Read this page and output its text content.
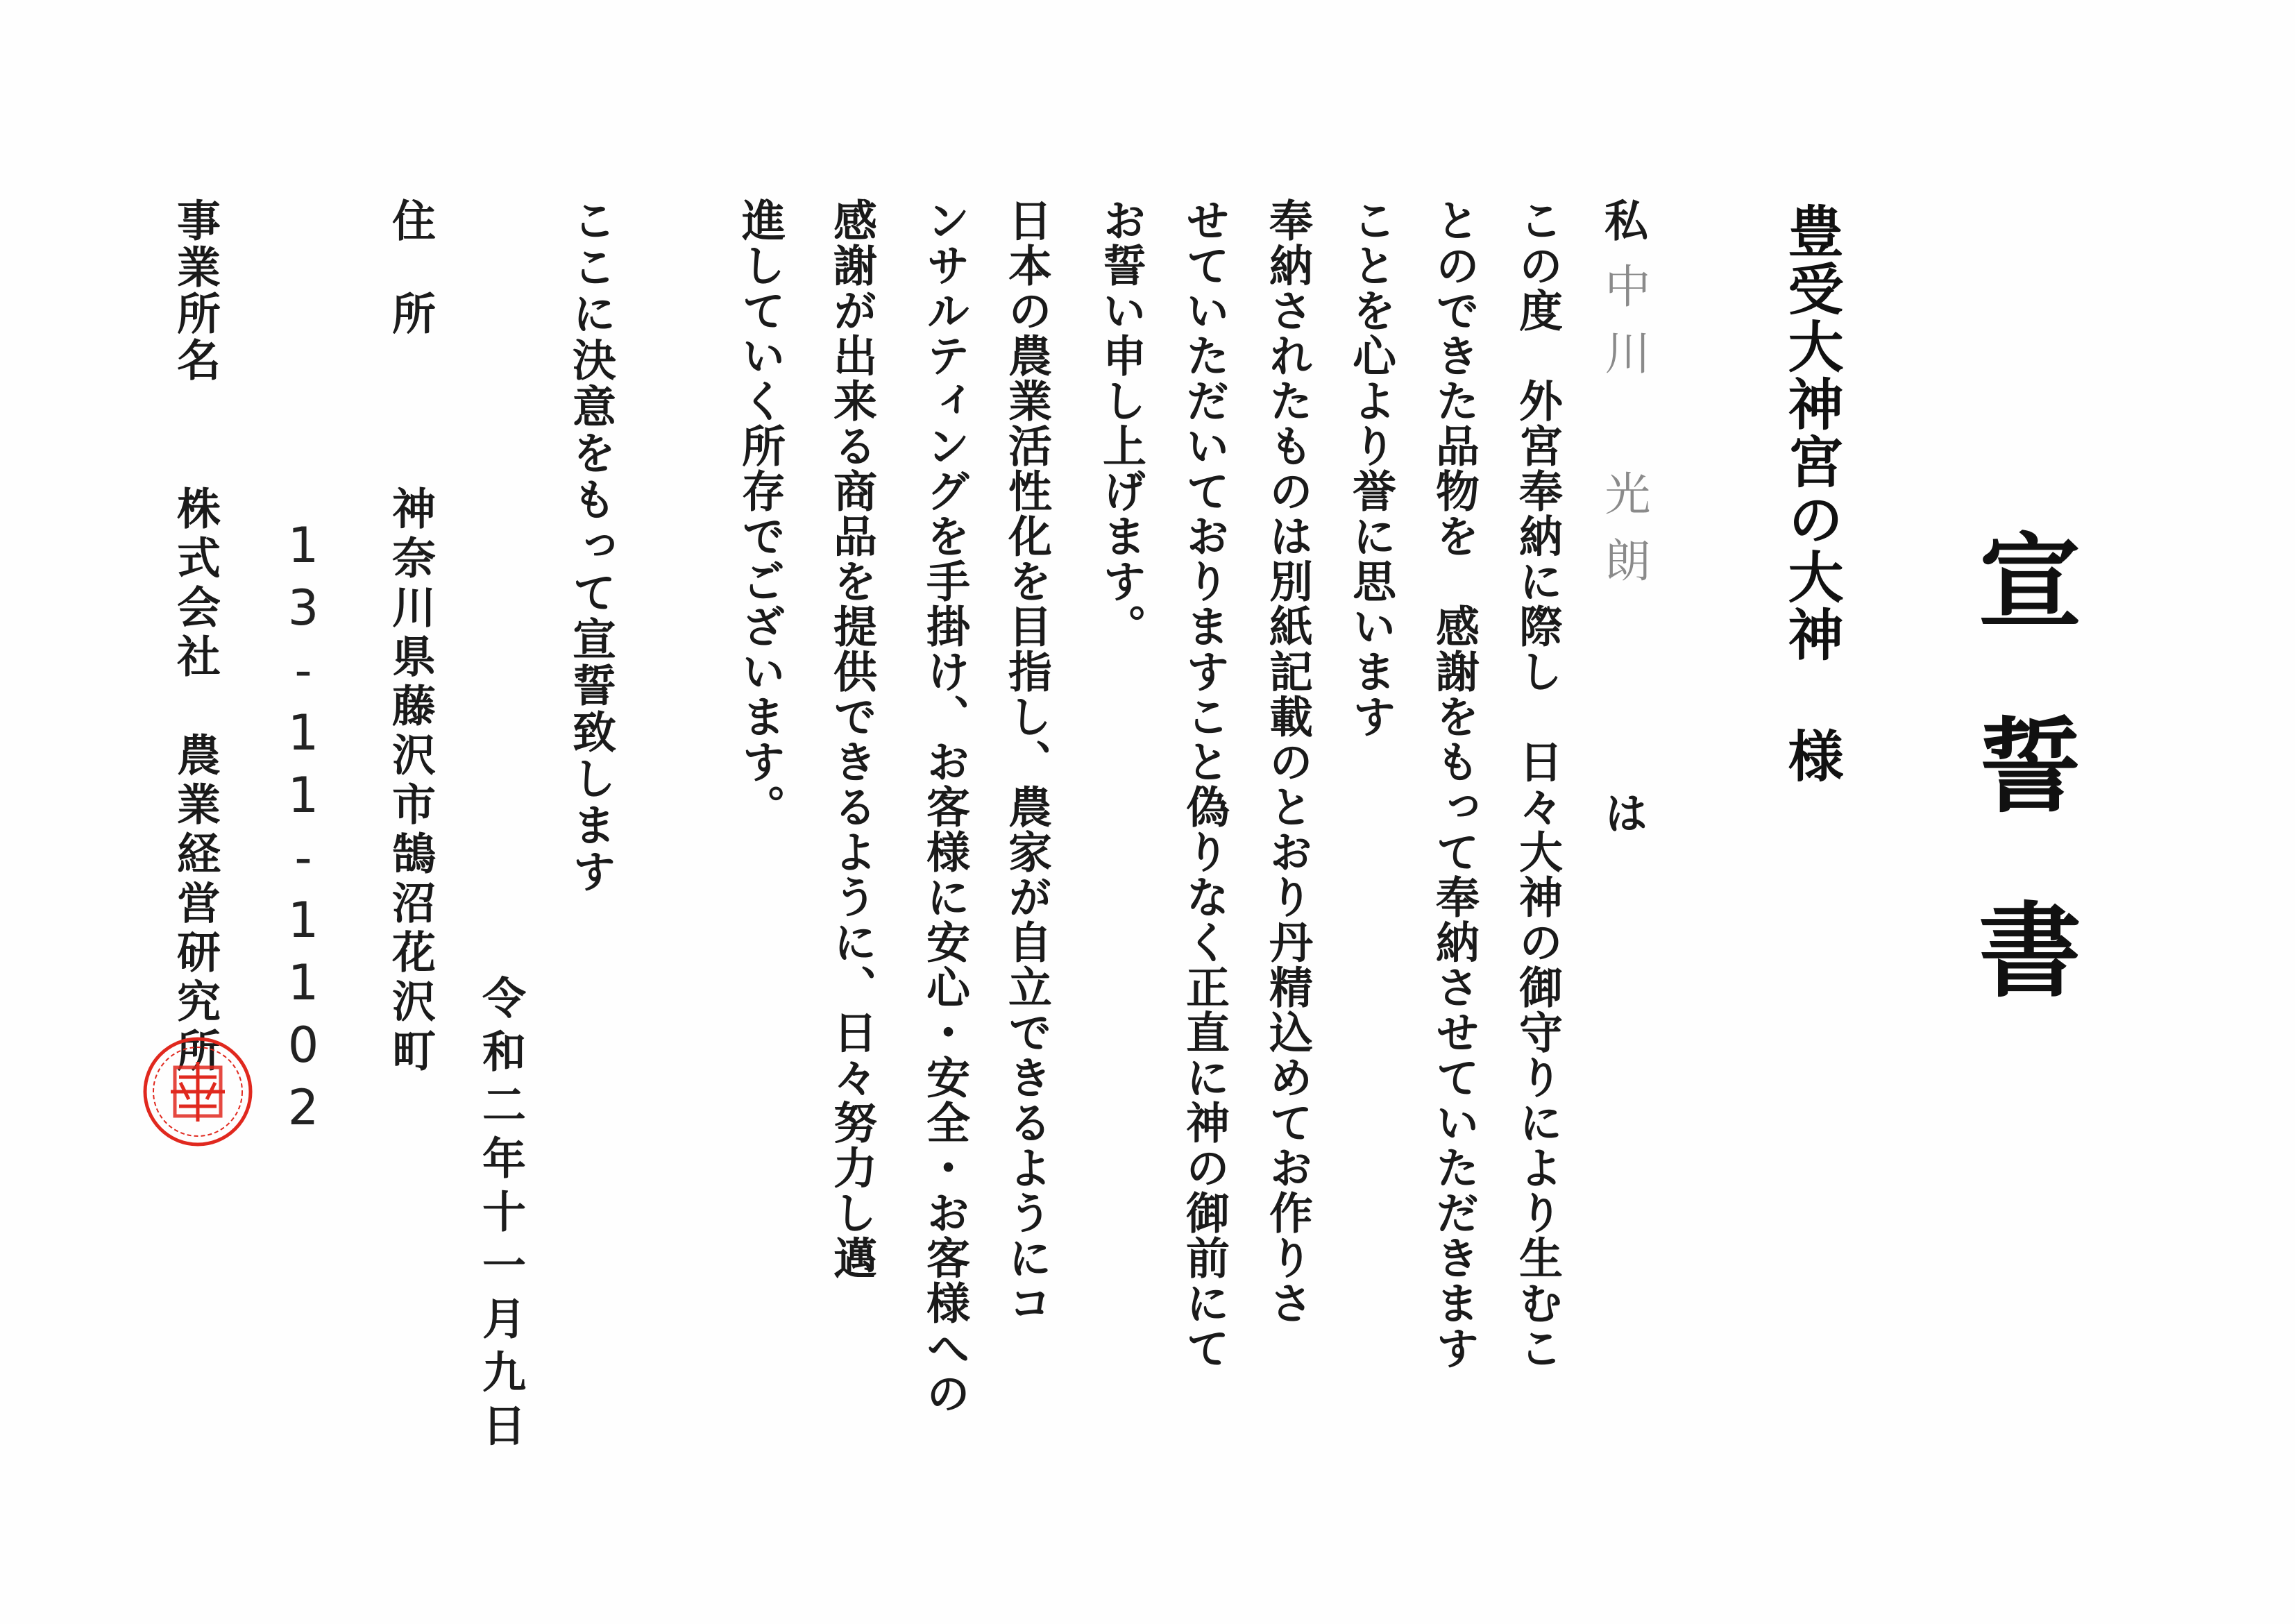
宣誓書
豊受大神宮の大神様
私中川 光朗は
この度　外宮奉納に際し　日々大神の御守りにより生むこ
とのできた品物を　感謝をもって奉納させていただきます
ことを心より誉に思います
奉納されたものは別紙記載のとおり丹精込めてお作りさ
せていただいておりますこと偽りなく正直に神の御前にて
お誓い申し上げます。
日本の農業活性化を目指し、農家が自立できるようにコ
ンサルティングを手掛け、お客様に安心・安全・お客様への
感謝が出来る商品を提供できるように、日々努力し邁
進していく所存でございます。
ここに決意をもって宣誓致します
令和二年十一月九日
住　所
神奈川県藤沢市鵠沼花沢町
13-11-1102
事業所名
株式会社　農業経営研究所
